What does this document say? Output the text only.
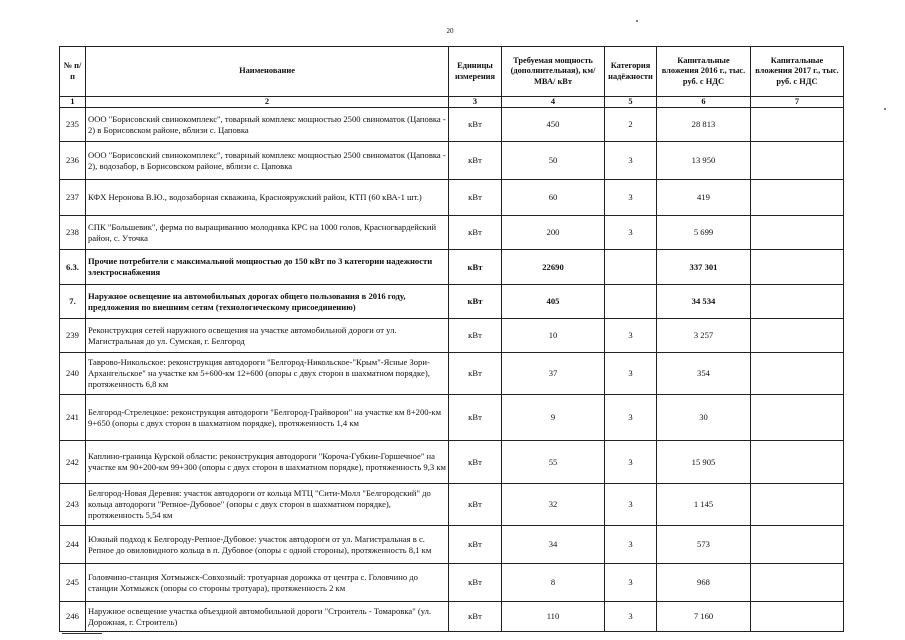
20
№ п/п	Наименование	Единицы измерения	Требуемая мощность (дополнительная), км/ МВА/ кВт	Категория надёжности	Капитальные вложения 2016 г., тыс. руб. с НДС	Капитальные вложения 2017 г., тыс. руб. с НДС
1	2	3	4	5	6	7
235	ООО "Борисовский свинокомплекс", товарный комплекс мощностью 2500 свиноматок (Цаповка - 2) в Борисовском районе, вблизи с. Цаповка	кВт	450	2	28 813	
236	ООО "Борисовский свинокомплекс", товарный комплекс мощностью 2500 свиноматок (Цаповка - 2), водозабор, в Борисовском районе, вблизи с. Цаповка	кВт	50	3	13 950	
237	КФХ Неронова В.Ю., водозаборная скважина, Краснояружский район, КТП (60 кВА-1 шт.)	кВт	60	3	419	
238	СПК "Большевик", ферма по выращиванию молодняка КРС на 1000 голов, Красногвардейский район, с. Уточка	кВт	200	3	5 699	
6.3.	Прочие потребители с максимальной мощностью до 150 кВт по 3 категории надежности электроснабжения	кВт	22690		337 301	
7.	Наружное освещение на автомобильных дорогах общего пользования в 2016 году, предложения по внешним сетям (технологическому присоединению)	кВт	405		34 534	
239	Реконструкция сетей наружного освещения на участке автомобильной дороги от ул. Магистральная до ул. Сумская, г. Белгород	кВт	10	3	3 257	
240	Таврово-Никольское: реконструкция автодороги "Белгород-Никольское-"Крым"-Ясные Зори-Архангельское" на участке км 5+600-км 12+600 (опоры с двух сторон в шахматном порядке), протяженность 6,8 км	кВт	37	3	354	
241	Белгород-Стрелецкое: реконструкция автодороги "Белгород-Грайворон" на участке км 8+200-км 9+650 (опоры с двух сторон в шахматном порядке), протяженность 1,4 км	кВт	9	3	30	
242	Каплино-граница Курской области: реконструкция автодороги "Короча-Губкин-Горшечное" на участке км 90+200-км 99+300 (опоры с двух сторон в шахматном порядке), протяженность 9,3 км	кВт	55	3	15 905	
243	Белгород-Новая Деревня: участок автодороги от кольца МТЦ "Сити-Молл "Белгородский" до кольца автодороги "Репное-Дубовое" (опоры с двух сторон в шахматном порядке), протяженность 5,54 км	кВт	32	3	1 145	
244	Южный подход к Белгороду-Репное-Дубовое: участок автодороги от ул. Магистральная в с. Репное до овиловидного кольца в п. Дубовое (опоры с одной стороны), протяженность 8,1 км	кВт	34	3	573	
245	Головчино-станция Хотмыжск-Совхозный: тротуарная дорожка от центра с. Головчино до станции Хотмыжск (опоры со стороны тротуара), протяженность 2 км	кВт	8	3	968	
246	Наружное освещение участка объездной автомобильной дороги "Строитель - Томаровка" (ул. Дорожная, г. Строитель)	кВт	110	3	7 160	
